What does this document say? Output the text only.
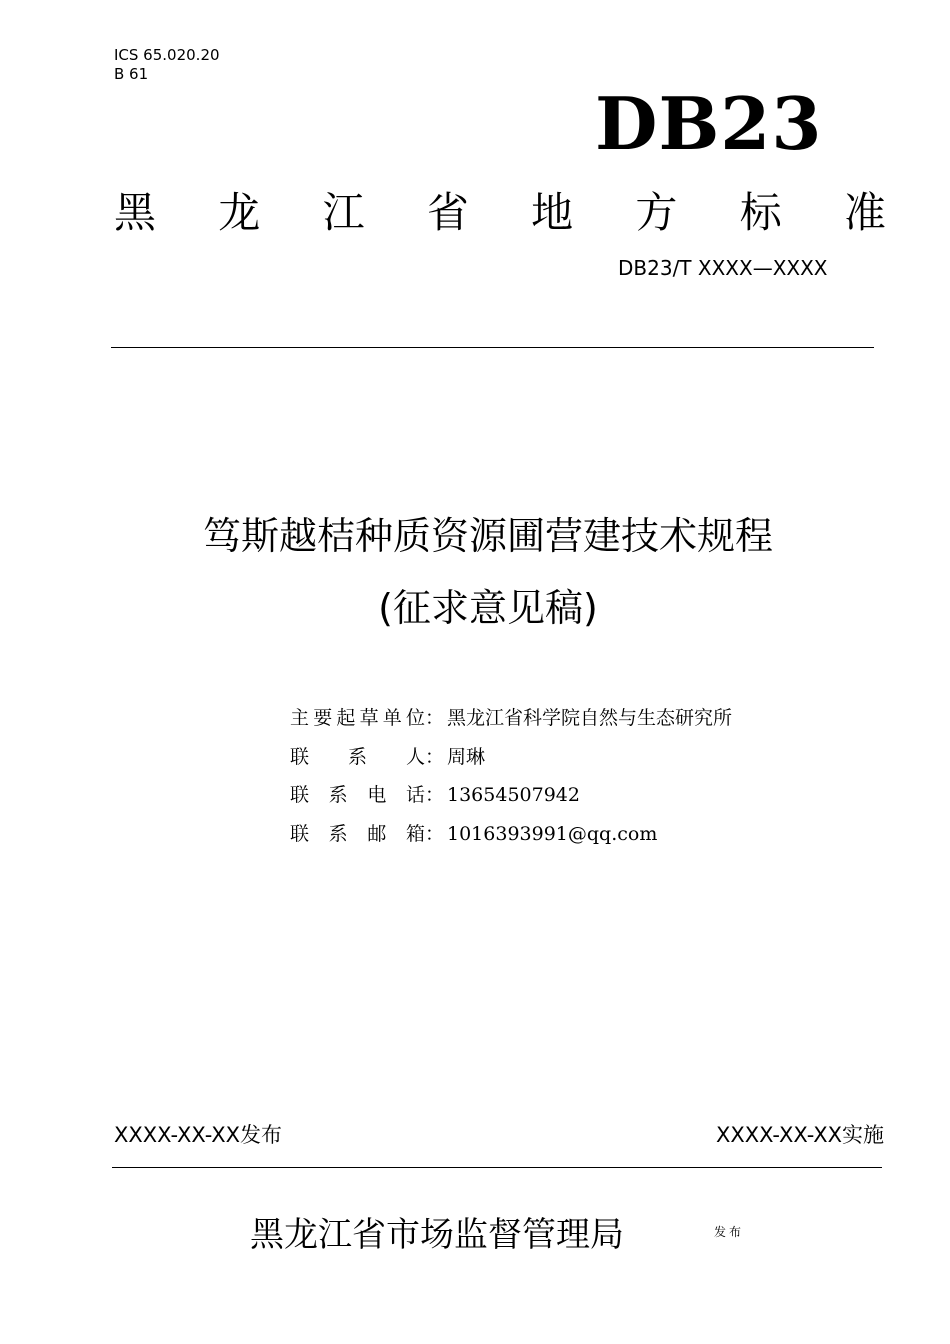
ICS 65.020.20
B 61
DB23
黑 龙 江 省 地 方 标 准
DB23/T XXXX—XXXX
笃斯越桔种质资源圃营建技术规程
(征求意见稿)
主 要 起 草 单 位 ： 黑龙江省科学院自然与生态研究所
联 系 人 ： 周琳
联 系 电 话 ： 13654507942
联 系 邮 箱 ： 1016393991@qq.com
XXXX-XX-XX发布	XXXX-XX-XX实施
黑龙江省市场监督管理局	发布
